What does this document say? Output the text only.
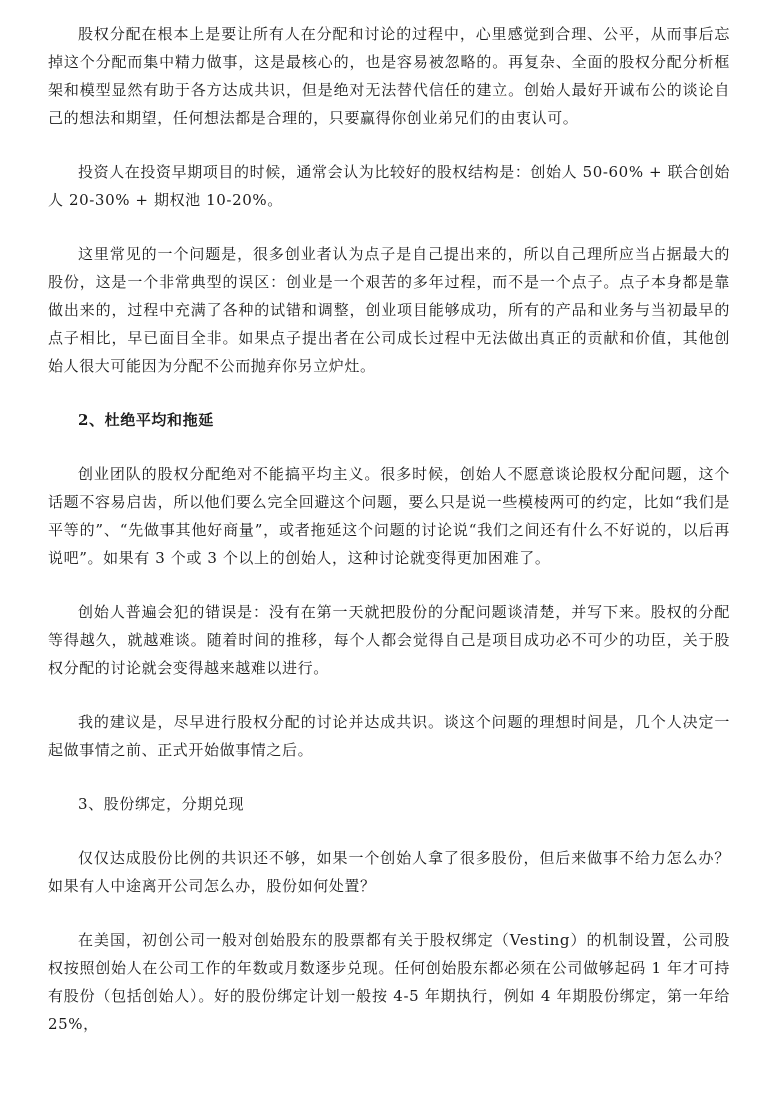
股权分配在根本上是要让所有人在分配和讨论的过程中，心里感觉到合理、公平，从而事后忘掉这个分配而集中精力做事，这是最核心的，也是容易被忽略的。再复杂、全面的股权分配分析框架和模型显然有助于各方达成共识，但是绝对无法替代信任的建立。创始人最好开诚布公的谈论自己的想法和期望，任何想法都是合理的，只要赢得你创业弟兄们的由衷认可。

投资人在投资早期项目的时候，通常会认为比较好的股权结构是：创始人 50-60% + 联合创始人 20-30% + 期权池 10-20%。

这里常见的一个问题是，很多创业者认为点子是自己提出来的，所以自己理所应当占据最大的股份，这是一个非常典型的误区：创业是一个艰苦的多年过程，而不是一个点子。点子本身都是靠做出来的，过程中充满了各种的试错和调整，创业项目能够成功，所有的产品和业务与当初最早的点子相比，早已面目全非。如果点子提出者在公司成长过程中无法做出真正的贡献和价值，其他创始人很大可能因为分配不公而抛弃你另立炉灶。

2、杜绝平均和拖延

创业团队的股权分配绝对不能搞平均主义。很多时候，创始人不愿意谈论股权分配问题，这个话题不容易启齿，所以他们要么完全回避这个问题，要么只是说一些模棱两可的约定，比如“我们是平等的”、“先做事其他好商量”，或者拖延这个问题的讨论说“我们之间还有什么不好说的，以后再说吧”。如果有 3 个或 3 个以上的创始人，这种讨论就变得更加困难了。

创始人普遍会犯的错误是：没有在第一天就把股份的分配问题谈清楚，并写下来。股权的分配等得越久，就越难谈。随着时间的推移，每个人都会觉得自己是项目成功必不可少的功臣，关于股权分配的讨论就会变得越来越难以进行。

我的建议是，尽早进行股权分配的讨论并达成共识。谈这个问题的理想时间是，几个人决定一起做事情之前、正式开始做事情之后。

3、股份绑定，分期兑现

仅仅达成股份比例的共识还不够，如果一个创始人拿了很多股份，但后来做事不给力怎么办？如果有人中途离开公司怎么办，股份如何处置？

在美国，初创公司一般对创始股东的股票都有关于股权绑定（Vesting）的机制设置，公司股权按照创始人在公司工作的年数或月数逐步兑现。任何创始股东都必须在公司做够起码 1 年才可持有股份（包括创始人）。好的股份绑定计划一般按 4-5 年期执行，例如 4 年期股份绑定，第一年给 25%，
